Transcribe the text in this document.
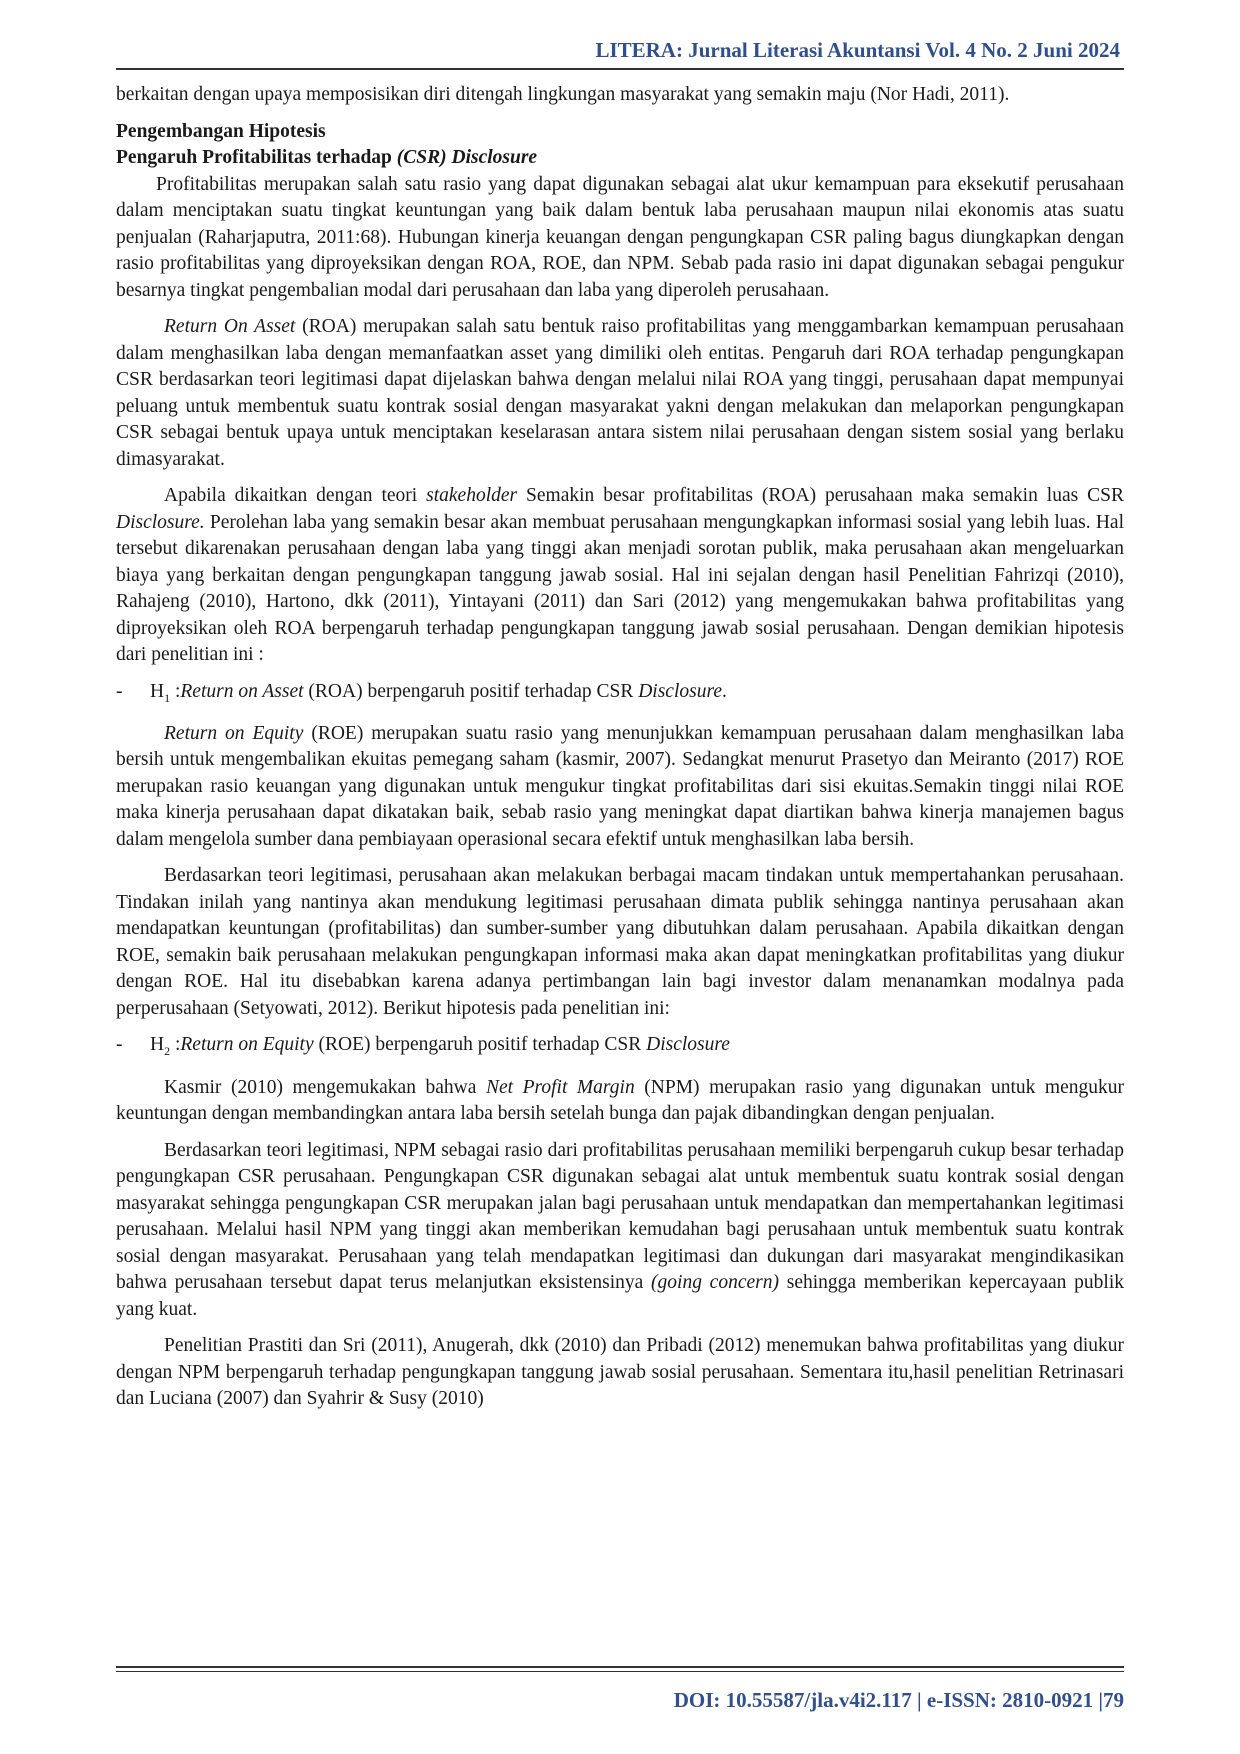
LITERA: Jurnal Literasi Akuntansi Vol. 4 No. 2 Juni 2024

berkaitan dengan upaya memposisikan diri ditengah lingkungan masyarakat yang semakin maju (Nor Hadi, 2011).

Pengembangan Hipotesis
Pengaruh Profitabilitas terhadap (CSR) Disclosure

Profitabilitas merupakan salah satu rasio yang dapat digunakan sebagai alat ukur kemampuan para eksekutif perusahaan dalam menciptakan suatu tingkat keuntungan yang baik dalam bentuk laba perusahaan maupun nilai ekonomis atas suatu penjualan (Raharjaputra, 2011:68). Hubungan kinerja keuangan dengan pengungkapan CSR paling bagus diungkapkan dengan rasio profitabilitas yang diproyeksikan dengan ROA, ROE, dan NPM. Sebab pada rasio ini dapat digunakan sebagai pengukur besarnya tingkat pengembalian modal dari perusahaan dan laba yang diperoleh perusahaan.

Return On Asset (ROA) merupakan salah satu bentuk raiso profitabilitas yang menggambarkan kemampuan perusahaan dalam menghasilkan laba dengan memanfaatkan asset yang dimiliki oleh entitas. Pengaruh dari ROA terhadap pengungkapan CSR berdasarkan teori legitimasi dapat dijelaskan bahwa dengan melalui nilai ROA yang tinggi, perusahaan dapat mempunyai peluang untuk membentuk suatu kontrak sosial dengan masyarakat yakni dengan melakukan dan melaporkan pengungkapan CSR sebagai bentuk upaya untuk menciptakan keselarasan antara sistem nilai perusahaan dengan sistem sosial yang berlaku dimasyarakat.

Apabila dikaitkan dengan teori stakeholder Semakin besar profitabilitas (ROA) perusahaan maka semakin luas CSR Disclosure. Perolehan laba yang semakin besar akan membuat perusahaan mengungkapkan informasi sosial yang lebih luas. Hal tersebut dikarenakan perusahaan dengan laba yang tinggi akan menjadi sorotan publik, maka perusahaan akan mengeluarkan biaya yang berkaitan dengan pengungkapan tanggung jawab sosial. Hal ini sejalan dengan hasil Penelitian Fahrizqi (2010), Rahajeng (2010), Hartono, dkk (2011), Yintayani (2011) dan Sari (2012) yang mengemukakan bahwa profitabilitas yang diproyeksikan oleh ROA berpengaruh terhadap pengungkapan tanggung jawab sosial perusahaan. Dengan demikian hipotesis dari penelitian ini :

- $H_1$ :Return on Asset (ROA) berpengaruh positif terhadap CSR Disclosure.

Return on Equity (ROE) merupakan suatu rasio yang menunjukkan kemampuan perusahaan dalam menghasilkan laba bersih untuk mengembalikan ekuitas pemegang saham (kasmir, 2007). Sedangkat menurut Prasetyo dan Meiranto (2017) ROE merupakan rasio keuangan yang digunakan untuk mengukur tingkat profitabilitas dari sisi ekuitas.Semakin tinggi nilai ROE maka kinerja perusahaan dapat dikatakan baik, sebab rasio yang meningkat dapat diartikan bahwa kinerja manajemen bagus dalam mengelola sumber dana pembiayaan operasional secara efektif untuk menghasilkan laba bersih.

Berdasarkan teori legitimasi, perusahaan akan melakukan berbagai macam tindakan untuk mempertahankan perusahaan. Tindakan inilah yang nantinya akan mendukung legitimasi perusahaan dimata publik sehingga nantinya perusahaan akan mendapatkan keuntungan (profitabilitas) dan sumber-sumber yang dibutuhkan dalam perusahaan. Apabila dikaitkan dengan ROE, semakin baik perusahaan melakukan pengungkapan informasi maka akan dapat meningkatkan profitabilitas yang diukur dengan ROE. Hal itu disebabkan karena adanya pertimbangan lain bagi investor dalam menanamkan modalnya pada perperusahaan (Setyowati, 2012). Berikut hipotesis pada penelitian ini:

- $H_2$ :Return on Equity (ROE) berpengaruh positif terhadap CSR Disclosure

Kasmir (2010) mengemukakan bahwa Net Profit Margin (NPM) merupakan rasio yang digunakan untuk mengukur keuntungan dengan membandingkan antara laba bersih setelah bunga dan pajak dibandingkan dengan penjualan.

Berdasarkan teori legitimasi, NPM sebagai rasio dari profitabilitas perusahaan memiliki berpengaruh cukup besar terhadap pengungkapan CSR perusahaan. Pengungkapan CSR digunakan sebagai alat untuk membentuk suatu kontrak sosial dengan masyarakat sehingga pengungkapan CSR merupakan jalan bagi perusahaan untuk mendapatkan dan mempertahankan legitimasi perusahaan. Melalui hasil NPM yang tinggi akan memberikan kemudahan bagi perusahaan untuk membentuk suatu kontrak sosial dengan masyarakat. Perusahaan yang telah mendapatkan legitimasi dan dukungan dari masyarakat mengindikasikan bahwa perusahaan tersebut dapat terus melanjutkan eksistensinya (going concern) sehingga memberikan kepercayaan publik yang kuat.

Penelitian Prastiti dan Sri (2011), Anugerah, dkk (2010) dan Pribadi (2012) menemukan bahwa profitabilitas yang diukur dengan NPM berpengaruh terhadap pengungkapan tanggung jawab sosial perusahaan. Sementara itu,hasil penelitian Retrinasari dan Luciana (2007) dan Syahrir & Susy (2010)

DOI: 10.55587/jla.v4i2.117 | e-ISSN: 2810-0921 |79
